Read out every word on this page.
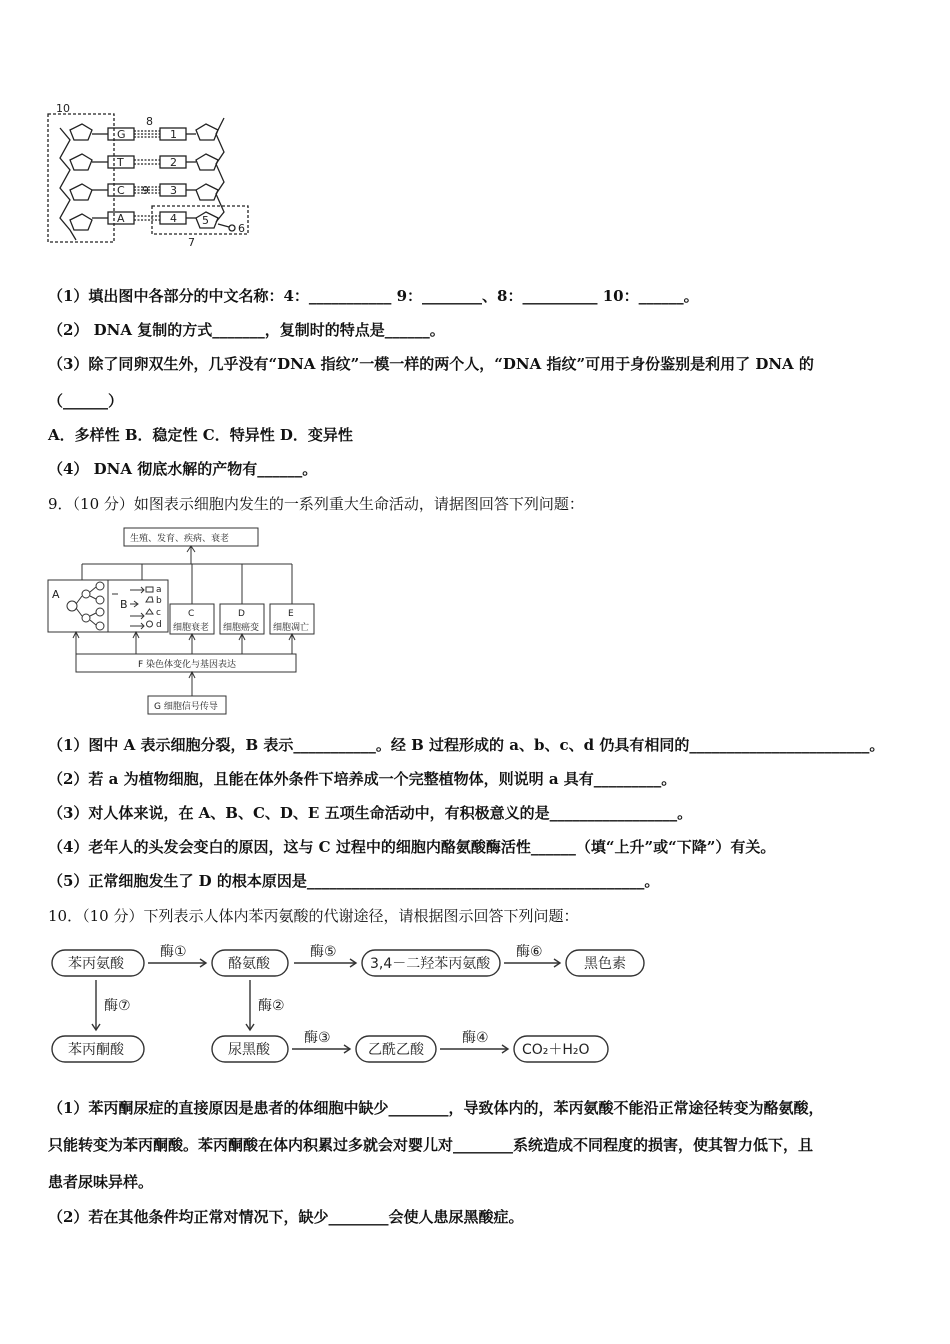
10
8
9
7
5
6
G
T
C
A
1
2
3
4
（1）填出图中各部分的中文名称：4：___________ 9：________、8：__________ 10：______。
（2） DNA 复制的方式_______，复制时的特点是______。
（3）除了同卵双生外，几乎没有“DNA 指纹”一模一样的两个人，“DNA 指纹”可用于身份鉴别是利用了 DNA 的
（______）
A．多样性 B．稳定性 C．特异性 D．变异性
（4） DNA 彻底水解的产物有______。
9．（10 分）如图表示细胞内发生的一系列重大生命活动，请据图回答下列问题：
生殖、发育、疾病、衰老
A
B
a
b
c
d
C
细胞衰老
D
细胞癌变
E
细胞凋亡
F 染色体变化与基因表达
G 细胞信号传导
（1）图中 A 表示细胞分裂，B 表示___________。经 B 过程形成的 a、b、c、d 仍具有相同的________________________。
（2）若 a 为植物细胞，且能在体外条件下培养成一个完整植物体，则说明 a 具有_________。
（3）对人体来说，在 A、B、C、D、E 五项生命活动中，有积极意义的是_________________。
（4）老年人的头发会变白的原因，这与 C 过程中的细胞内酪氨酸酶活性______（填“上升”或“下降”）有关。
（5）正常细胞发生了 D 的根本原因是_____________________________________________。
10．（10 分）下列表示人体内苯丙氨酸的代谢途径，请根据图示回答下列问题：
苯丙氨酸	酪氨酸	3,4－二羟苯丙氨酸	黑色素
苯丙酮酸	尿黑酸	乙酰乙酸	CO₂＋H₂O
酶①	酶⑤	酶⑥
酶⑦	酶②
酶③	酶④
（1）苯丙酮尿症的直接原因是患者的体细胞中缺少________，导致体内的，苯丙氨酸不能沿正常途径转变为酪氨酸，
只能转变为苯丙酮酸。苯丙酮酸在体内积累过多就会对婴儿对________系统造成不同程度的损害，使其智力低下，且
患者尿味异样。
（2）若在其他条件均正常对情况下，缺少________会使人患尿黑酸症。
